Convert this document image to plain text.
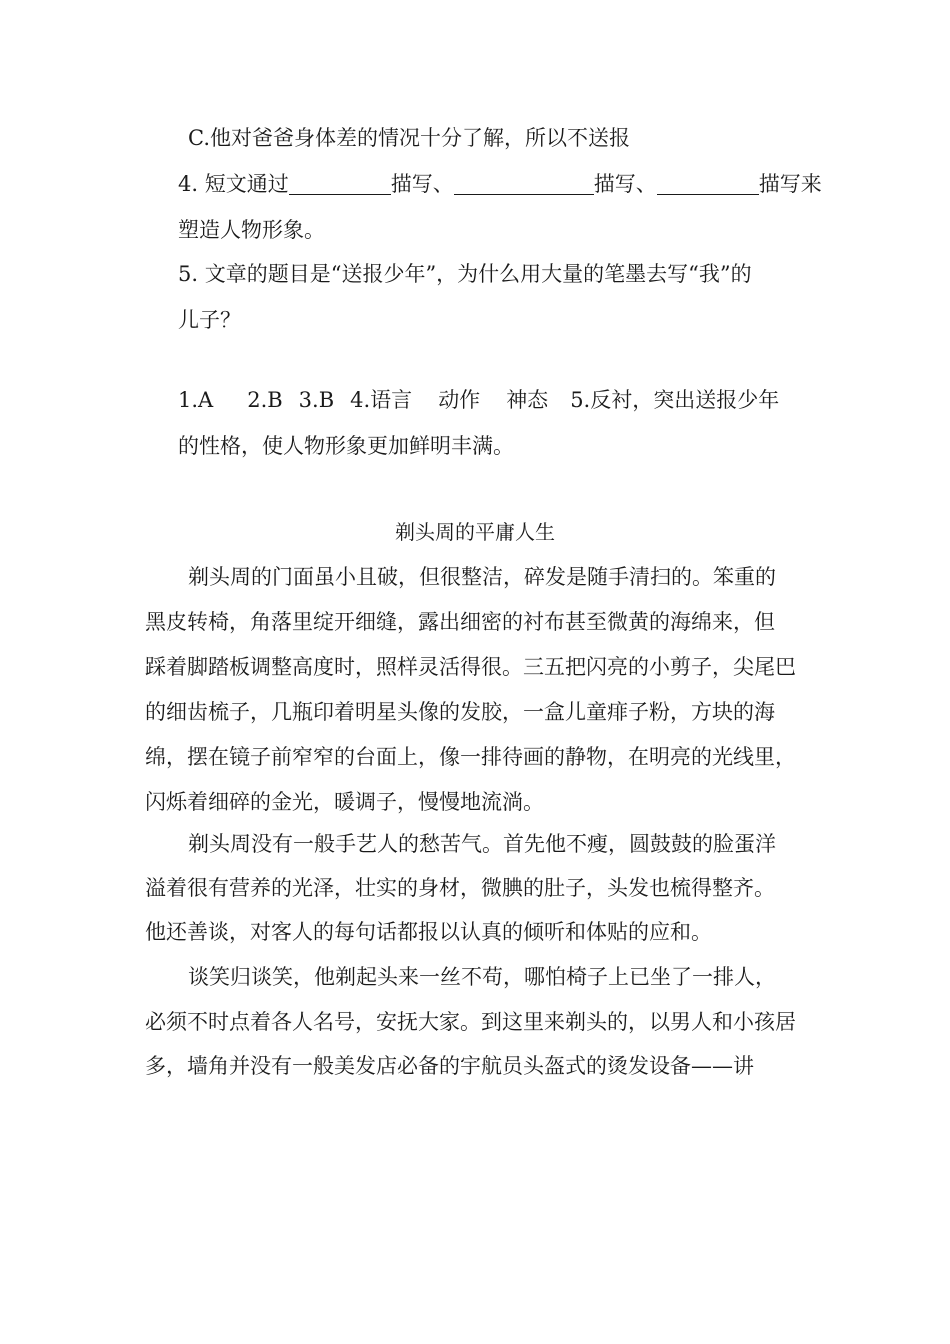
C.他对爸爸身体差的情况十分了解，所以不送报
4. 短文通过	描写、	描写、	描写来
塑造人物形象。
5. 文章的题目是“送报少年”，为什么用大量的笔墨去写“我”的
儿子？
1.A 2.B 3.B 4.语言 动作 神态 5.反衬，突出送报少年
的性格，使人物形象更加鲜明丰满。
剃头周的平庸人生
剃头周的门面虽小且破，但很整洁，碎发是随手清扫的。笨重的
黑皮转椅，角落里绽开细缝，露出细密的衬布甚至微黄的海绵来，但
踩着脚踏板调整高度时，照样灵活得很。三五把闪亮的小剪子，尖尾巴
的细齿梳子，几瓶印着明星头像的发胶，一盒儿童痱子粉，方块的海
绵，摆在镜子前窄窄的台面上，像一排待画的静物，在明亮的光线里，
闪烁着细碎的金光，暖调子，慢慢地流淌。
剃头周没有一般手艺人的愁苦气。首先他不瘦，圆鼓鼓的脸蛋洋
溢着很有营养的光泽，壮实的身材，微腆的肚子，头发也梳得整齐。
他还善谈，对客人的每句话都报以认真的倾听和体贴的应和。
谈笑归谈笑，他剃起头来一丝不苟，哪怕椅子上已坐了一排人，
必须不时点着各人名号，安抚大家。到这里来剃头的，以男人和小孩居
多，墙角并没有一般美发店必备的宇航员头盔式的烫发设备——讲
